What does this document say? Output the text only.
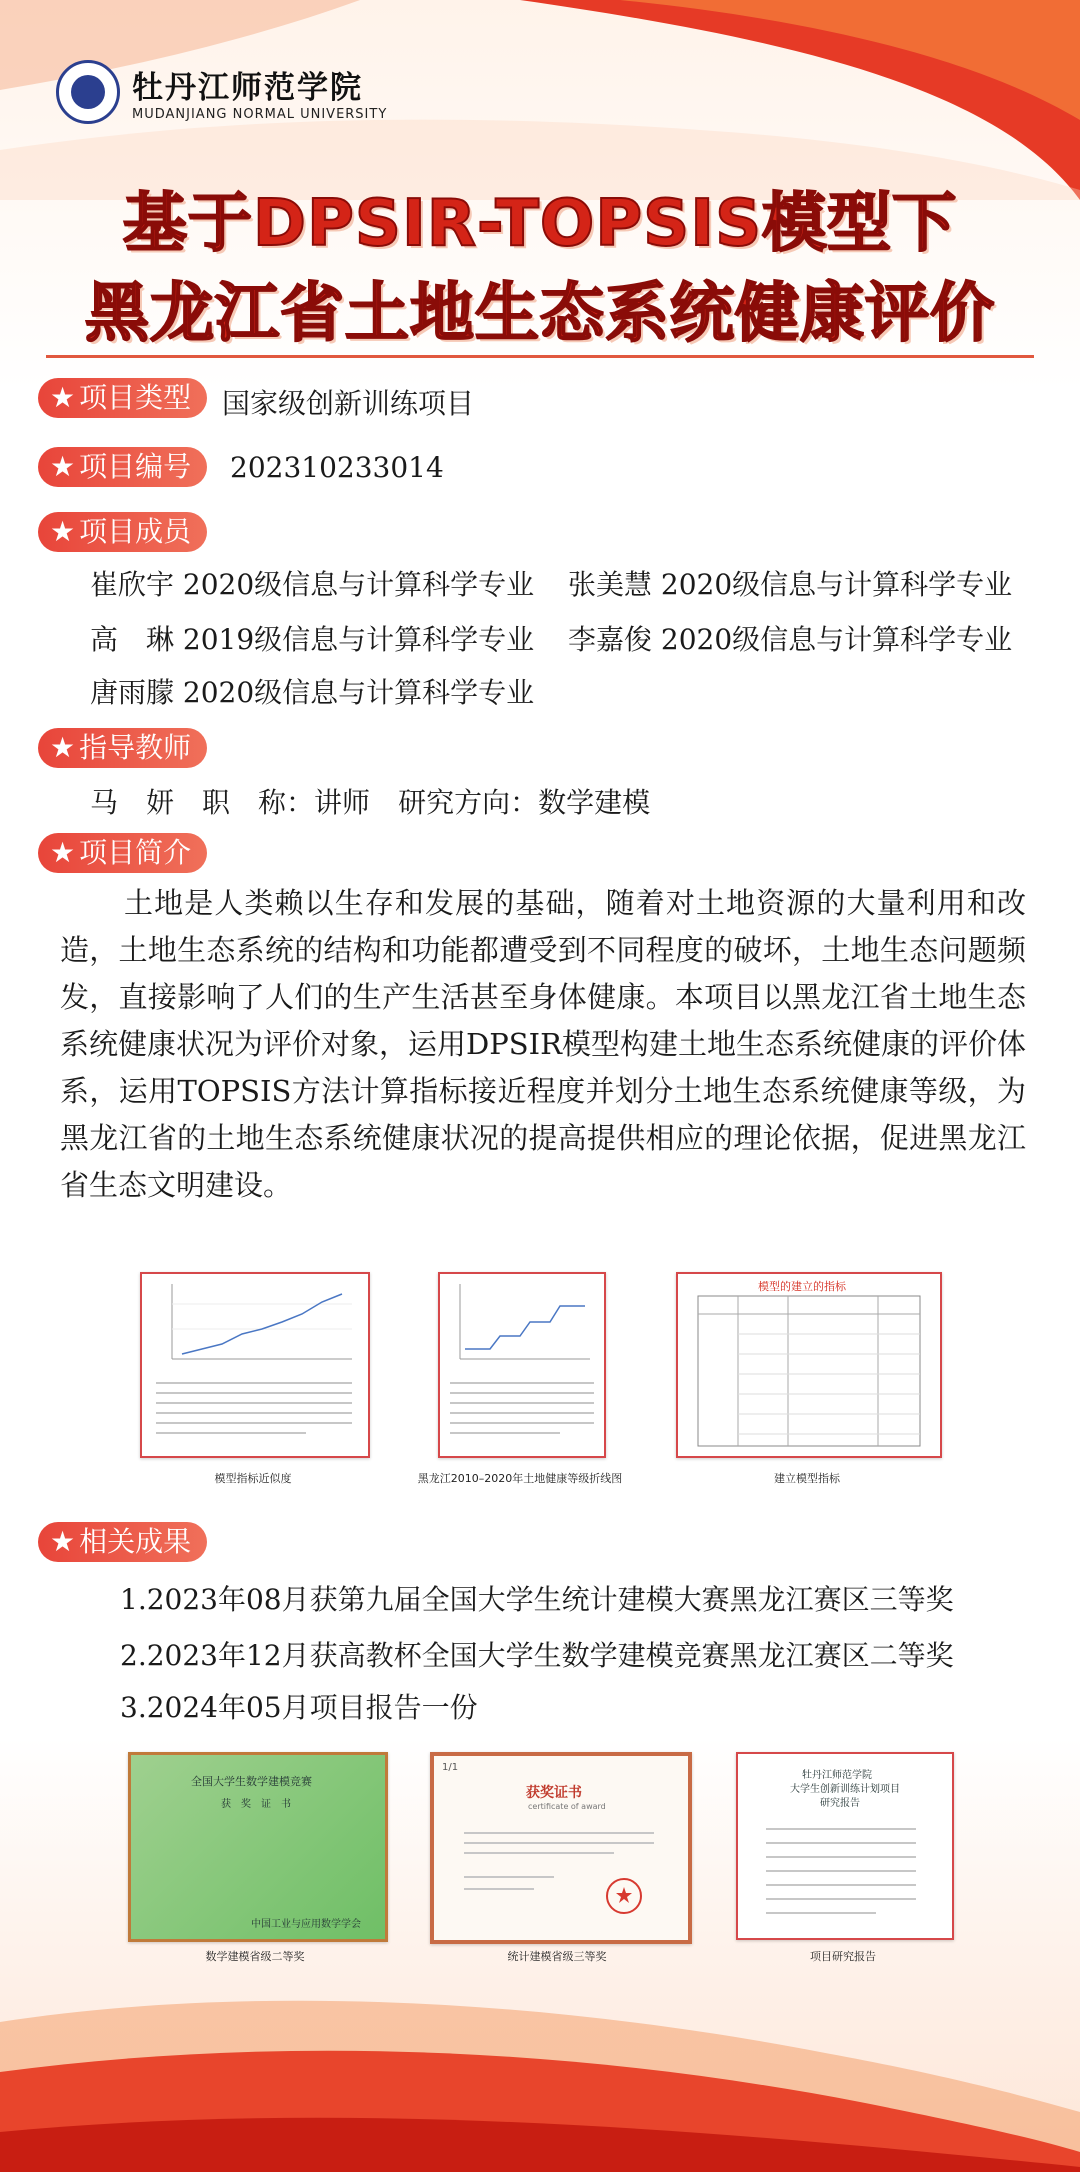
牡丹江师范学院
MUDANJIANG NORMAL UNIVERSITY
基于DPSIR-TOPSIS模型下
黑龙江省土地生态系统健康评价
★ 项目类型	国家级创新训练项目
★ 项目编号	202310233014
★ 项目成员
崔欣宇 2020级信息与计算科学专业 张美慧 2020级信息与计算科学专业
高　琳 2019级信息与计算科学专业 李嘉俊 2020级信息与计算科学专业
唐雨朦 2020级信息与计算科学专业
★ 指导教师
马　妍　 职　称：讲师　 研究方向：数学建模
★ 项目简介
土地是人类赖以生存和发展的基础，随着对土地资源的大量利用和改造，土地生态系统的结构和功能都遭受到不同程度的破坏，土地生态问题频发，直接影响了人们的生产生活甚至身体健康。本项目以黑龙江省土地生态系统健康状况为评价对象，运用DPSIR模型构建土地生态系统健康的评价体系，运用TOPSIS方法计算指标接近程度并划分土地生态系统健康等级，为黑龙江省的土地生态系统健康状况的提高提供相应的理论依据，促进黑龙江省生态文明建设。
模型指标近似度	黑龙江2010–2020年土地健康等级折线图
模型的建立的指标
建立模型指标
★ 相关成果
1.2023年08月获第九届全国大学生统计建模大赛黑龙江赛区三等奖
2.2023年12月获高教杯全国大学生数学建模竞赛黑龙江赛区二等奖
3.2024年05月项目报告一份
全国大学生数学建模竞赛
获　奖　证　书
中国工业与应用数学学会
数学建模省级二等奖
1/1
获奖证书
certificate of award
统计建模省级三等奖
牡丹江师范学院
大学生创新训练计划项目
研究报告
项目研究报告
